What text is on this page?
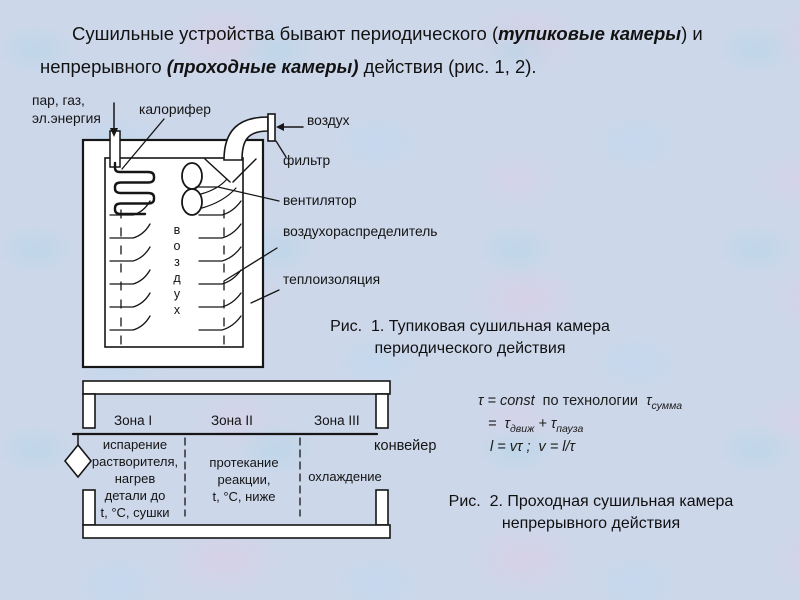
Сушильные устройства бывают периодического (тупиковые камеры) и
непрерывного (проходные камеры) действия (рис. 1, 2).
пар, газ,
эл.энергия
калорифер
воздух
фильтр
вентилятор
воздухораспределитель
теплоизоляция
в
о
з
д
у
х
Рис.  1. Тупиковая сушильная камера
периодического действия
Зона I	Зона II	Зона III
испарение
растворителя,
нагрев
детали до
t, °С, сушки
протекание
реакции,
t, °С, ниже
охлаждение
конвейер
τ = const  по технологии  $\tau_{сумма}$
=  $\tau_{движ} + \tau_{пауза}$
l = vτ ;  v = l/τ
Рис.  2. Проходная сушильная камера
непрерывного действия
